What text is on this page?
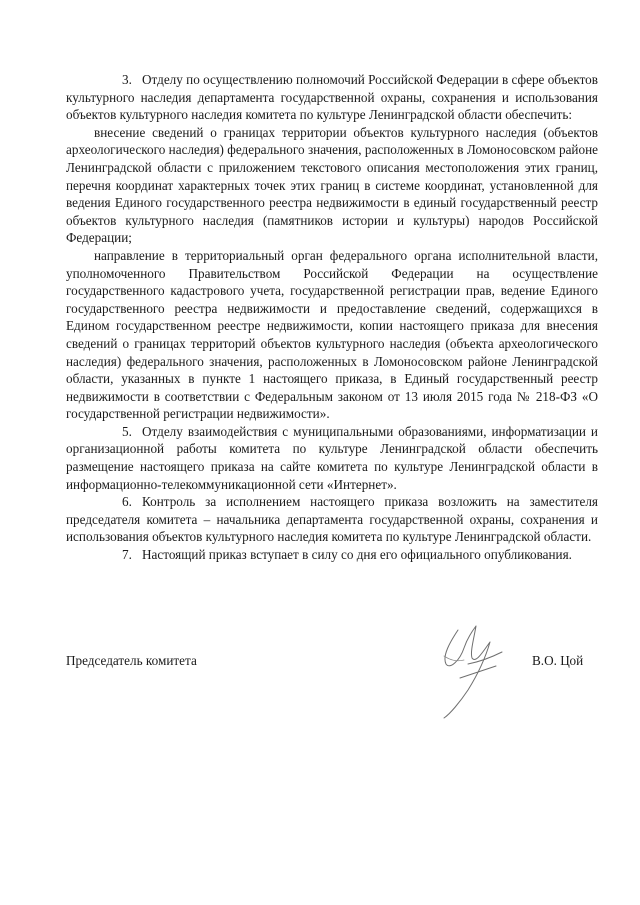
3. Отделу по осуществлению полномочий Российской Федерации в сфере объектов культурного наследия департамента государственной охраны, сохранения и использования объектов культурного наследия комитета по культуре Ленинградской области обеспечить:

внесение сведений о границах территории объектов культурного наследия (объектов археологического наследия) федерального значения, расположенных в Ломоносовском районе Ленинградской области с приложением текстового описания местоположения этих границ, перечня координат характерных точек этих границ в системе координат, установленной для ведения Единого государственного реестра недвижимости в единый государственный реестр объектов культурного наследия (памятников истории и культуры) народов Российской Федерации;

направление в территориальный орган федерального органа исполнительной власти, уполномоченного Правительством Российской Федерации на осуществление государственного кадастрового учета, государственной регистрации прав, ведение Единого государственного реестра недвижимости и предоставление сведений, содержащихся в Едином государственном реестре недвижимости, копии настоящего приказа для внесения сведений о границах территорий объектов культурного наследия (объекта археологического наследия) федерального значения, расположенных в Ломоносовском районе Ленинградской области, указанных в пункте 1 настоящего приказа, в Единый государственный реестр недвижимости в соответствии с Федеральным законом от 13 июля 2015 года № 218-ФЗ «О государственной регистрации недвижимости».

5. Отделу взаимодействия с муниципальными образованиями, информатизации и организационной работы комитета по культуре Ленинградской области обеспечить размещение настоящего приказа на сайте комитета по культуре Ленинградской области в информационно-телекоммуникационной сети «Интернет».

6. Контроль за исполнением настоящего приказа возложить на заместителя председателя комитета – начальника департамента государственной охраны, сохранения и использования объектов культурного наследия комитета по культуре Ленинградской области.

7. Настоящий приказ вступает в силу со дня его официального опубликования.

Председатель комитета	В.О. Цой
